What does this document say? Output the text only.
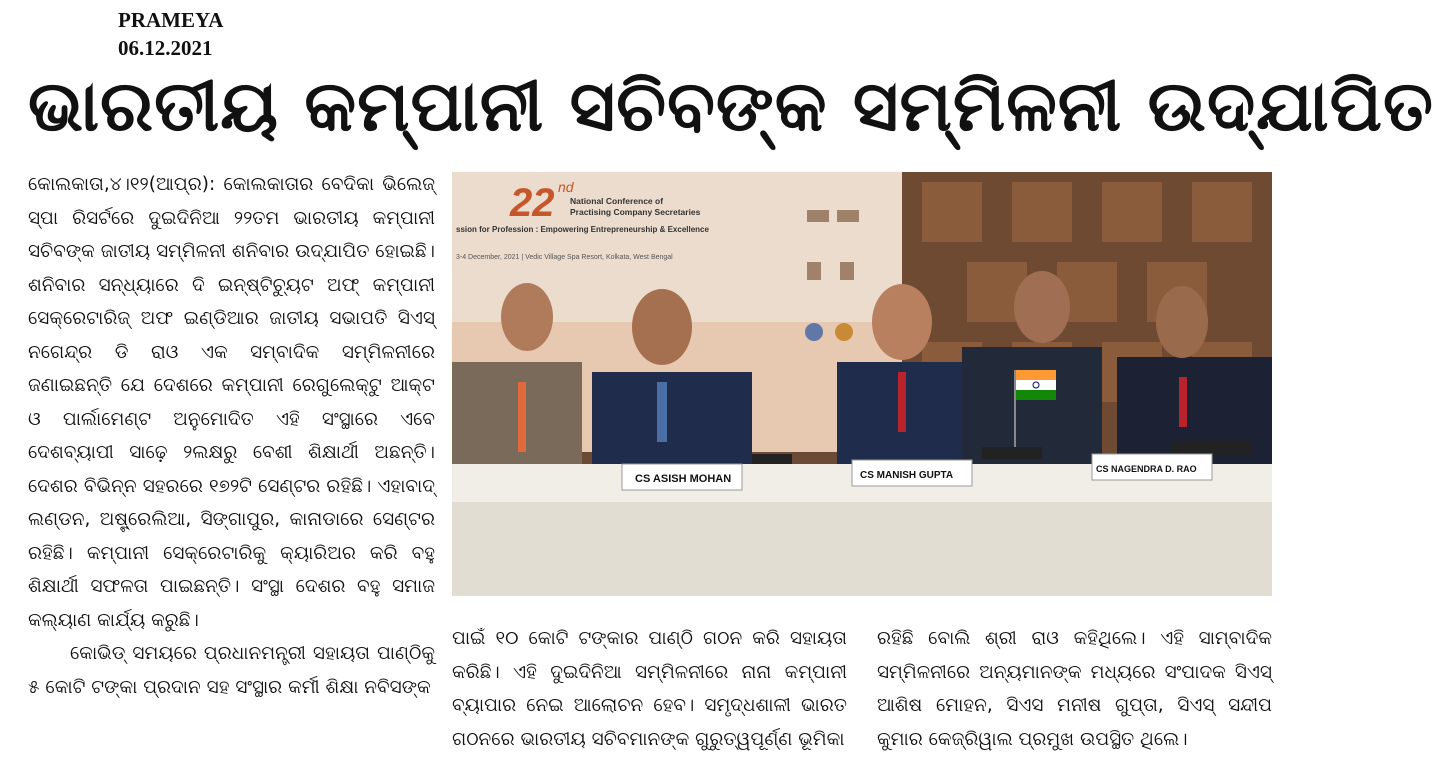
PRAMEYA
06.12.2021
ଭାରତୀୟ କମ୍ପାନୀ ସଚିବଙ୍କ ସମ୍ମିଳନୀ ଉଦ୍‌ଯାପିତ

କୋଲକାତା,୪।୧୨(ଆପ୍ର): କୋଲକାତାର ବେଦିକା ଭିଲେଜ୍ ସ୍ପା ରିସର୍ଟରେ ଦୁଇଦିନିଆ ୨୨ତମ ଭାରତୀୟ କମ୍ପାନୀ ସଚିବଙ୍କ ଜାତୀୟ ସମ୍ମିଳନୀ ଶନିବାର ଉଦ୍‌ଯାପିତ ହୋଇଛି। ଶନିବାର ସନ୍ଧ୍ୟାରେ ଦି ଇନ୍‌ଷ୍ଟିଚ୍ୟୁଟ ଅଫ୍ କମ୍ପାନୀ ସେକ୍ରେଟାରିଜ୍ ଅଫ ଇଣ୍ଡିଆର ଜାତୀୟ ସଭାପତି ସିଏସ୍ ନଗେନ୍ଦ୍ର ଡି ରାଓ ଏକ ସମ୍ବାଦିକ ସମ୍ମିଳନୀରେ ଜଣାଇଛନ୍ତି ଯେ ଦେଶରେ କମ୍ପାନୀ ରେଗୁଲେକ୍ଟୁ ଆକ୍ଟ ଓ ପାର୍ଲାମେଣ୍ଟ ଅନୁମୋଦିତ ଏହି ସଂସ୍ଥାରେ ଏବେ ଦେଶବ୍ୟାପୀ ସାଢ଼େ ୨ଲକ୍ଷରୁ ବେଶୀ ଶିକ୍ଷାର୍ଥୀ ଅଛନ୍ତି। ଦେଶର ବିଭିନ୍ନ ସହରରେ ୧୭୨ଟି ସେଣ୍ଟର ରହିଛି। ଏହାବାଦ୍ ଲଣ୍ଡନ, ଅଷ୍ଟ୍ରେଲିଆ, ସିଙ୍ଗାପୁର, କାନାଡାରେ ସେଣ୍ଟର ରହିଛି। କମ୍ପାନୀ ସେକ୍ରେଟାରିକୁ କ୍ୟାରିଅର କରି ବହୁ ଶିକ୍ଷାର୍ଥୀ ସଫଳତା ପାଇଛନ୍ତି। ସଂସ୍ଥା ଦେଶର ବହୁ ସମାଜ କଲ୍ୟାଣ କାର୍ଯ୍ୟ କରୁଛି।

କୋଭିଡ୍ ସମୟରେ ପ୍ରଧାନମନ୍ତ୍ରୀ ସହାୟତା ପାଣ୍ଠିକୁ ୫ କୋଟି ଟଙ୍କା ପ୍ରଦାନ ସହ ସଂସ୍ଥାର କର୍ମୀ ଶିକ୍ଷା ନବିସଙ୍କ

22 nd
National Conference of
Practising Company Secretaries
ssion for Profession : Empowering Entrepreneurship & Excellence
3-4 December, 2021 | Vedic Village Spa Resort, Kolkata, West Bengal
CS ASISH MOHAN	CS MANISH GUPTA
CS NAGENDRA D. RAO

ପାଇଁ ୧୦ କୋଟି ଟଙ୍କାର ପାଣ୍ଠି ଗଠନ କରି ସହାୟତା କରିଛି। ଏହି ଦୁଇଦିନିଆ ସମ୍ମିଳନୀରେ ନାନା କମ୍ପାନୀ ବ୍ୟାପାର ନେଇ ଆଲୋଚନ ହେବ। ସମୃଦ୍ଧଶାଳୀ ଭାରତ ଗଠନରେ ଭାରତୀୟ ସଚିବମାନଙ୍କ ଗୁରୁତ୍ୱପୂର୍ଣ୍ଣ ଭୂମିକା

ରହିଛି ବୋଲି ଶ୍ରୀ ରାଓ କହିଥିଲେ। ଏହି ସାମ୍ବାଦିକ ସମ୍ମିଳନୀରେ ଅନ୍ୟମାନଙ୍କ ମଧ୍ୟରେ ସଂପାଦକ ସିଏସ୍ ଆଶିଷ ମୋହନ, ସିଏସ ମନୀଷ ଗୁପ୍ତା, ସିଏସ୍ ସନ୍ଦୀପ କୁମାର କେଜ୍ରିୱାଲ ପ୍ରମୁଖ ଉପସ୍ଥିତ ଥିଲେ।
